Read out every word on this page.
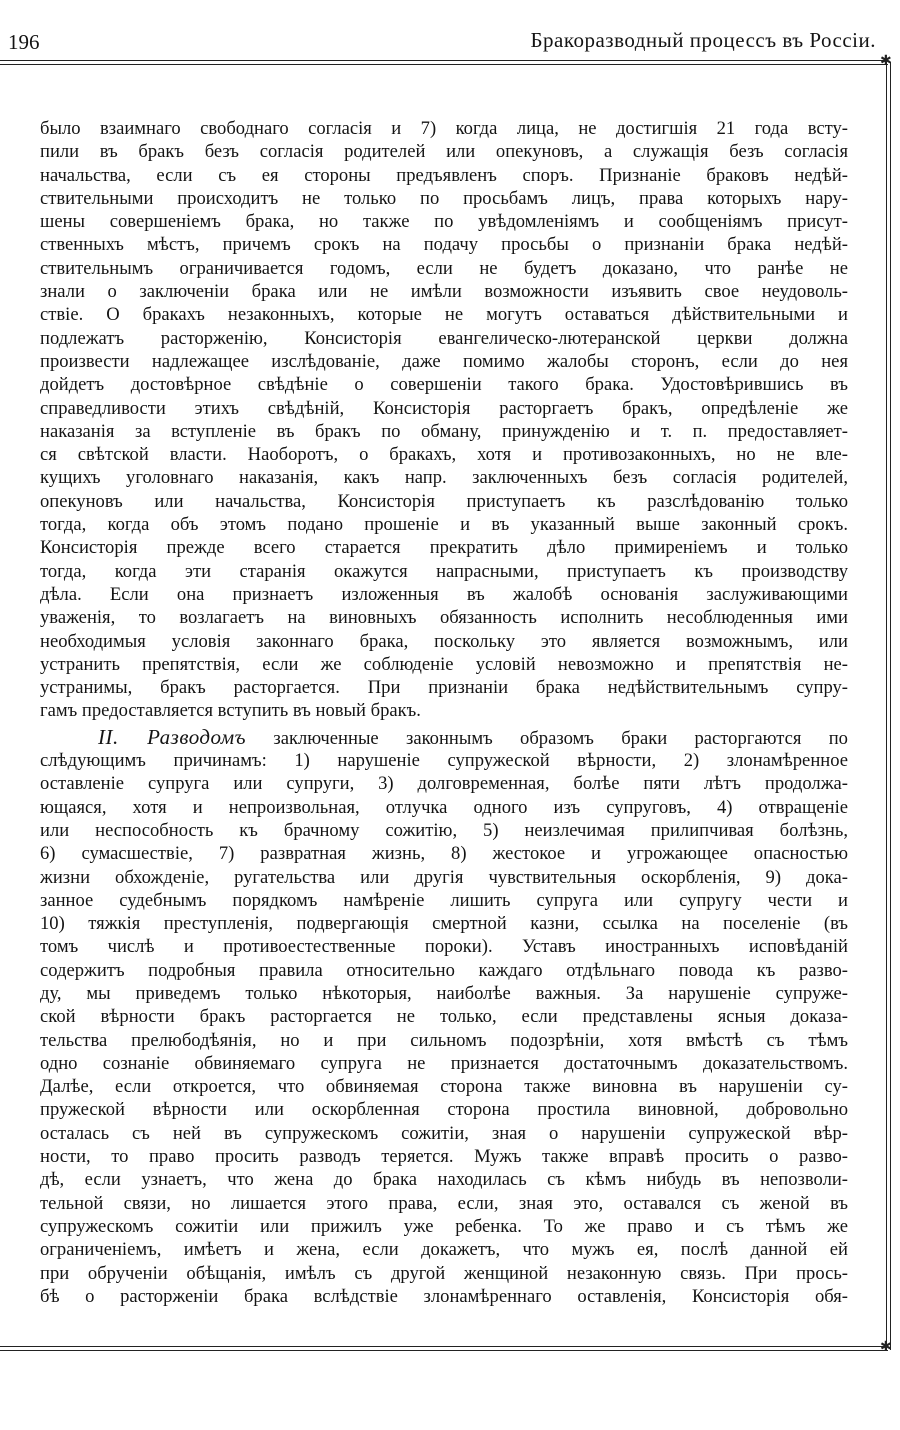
196	Бракоразводный процессъ въ Россіи.
✱
было взаимнаго свободнаго согласія и 7) когда лица, не достигшія 21 года всту-
пили въ бракъ безъ согласія родителей или опекуновъ, а служащія безъ согласія
начальства, если съ ея стороны предъявленъ споръ. Признаніе браковъ недѣй-
ствительными происходитъ не только по просьбамъ лицъ, права которыхъ нару-
шены совершеніемъ брака, но также по увѣдомленіямъ и сообщеніямъ присут-
ственныхъ мѣстъ, причемъ срокъ на подачу просьбы о признаніи брака недѣй-
ствительнымъ ограничивается годомъ, если не будетъ доказано, что ранѣе не
знали о заключеніи брака или не имѣли возможности изъявить свое неудоволь-
ствіе. О бракахъ незаконныхъ, которые не могутъ оставаться дѣйствительными и
подлежатъ расторженію, Консисторія евангелическо-лютеранской церкви должна
произвести надлежащее изслѣдованіе, даже помимо жалобы сторонъ, если до нея
дойдетъ достовѣрное свѣдѣніе о совершеніи такого брака. Удостовѣрившись въ
справедливости этихъ свѣдѣній, Консисторія расторгаетъ бракъ, опредѣленіе же
наказанія за вступленіе въ бракъ по обману, принужденію и т. п. предоставляет-
ся свѣтской власти. Наоборотъ, о бракахъ, хотя и противозаконныхъ, но не вле-
кущихъ уголовнаго наказанія, какъ напр. заключенныхъ безъ согласія родителей,
опекуновъ или начальства, Консисторія приступаетъ къ разслѣдованію только
тогда, когда объ этомъ подано прошеніе и въ указанный выше законный срокъ.
Консисторія прежде всего старается прекратить дѣло примиреніемъ и только
тогда, когда эти старанія окажутся напрасными, приступаетъ къ производству
дѣла. Если она признаетъ изложенныя въ жалобѣ основанія заслуживающими
уваженія, то возлагаетъ на виновныхъ обязанность исполнить несоблюденныя ими
необходимыя условія законнаго брака, поскольку это является возможнымъ, или
устранить препятствія, если же соблюденіе условій невозможно и препятствія не-
устранимы, бракъ расторгается. При признаніи брака недѣйствительнымъ супру-
гамъ предоставляется вступить въ новый бракъ.
II. Разводомъ заключенные законнымъ образомъ браки расторгаются по
слѣдующимъ причинамъ: 1) нарушеніе супружеской вѣрности, 2) злонамѣренное
оставленіе супруга или супруги, 3) долговременная, болѣе пяти лѣтъ продолжа-
ющаяся, хотя и непроизвольная, отлучка одного изъ супруговъ, 4) отвращеніе
или неспособность къ брачному сожитію, 5) неизлечимая прилипчивая болѣзнь,
6) сумасшествіе, 7) развратная жизнь, 8) жестокое и угрожающее опасностью
жизни обхожденіе, ругательства или другія чувствительныя оскорбленія, 9) дока-
занное судебнымъ порядкомъ намѣреніе лишить супруга или супругу чести и
10) тяжкія преступленія, подвергающія смертной казни, ссылка на поселеніе (въ
томъ числѣ и противоестественные пороки). Уставъ иностранныхъ исповѣданій
содержитъ подробныя правила относительно каждаго отдѣльнаго повода къ разво-
ду, мы приведемъ только нѣкоторыя, наиболѣе важныя. За нарушеніе супруже-
ской вѣрности бракъ расторгается не только, если представлены ясныя доказа-
тельства прелюбодѣянія, но и при сильномъ подозрѣніи, хотя вмѣстѣ съ тѣмъ
одно сознаніе обвиняемаго супруга не признается достаточнымъ доказательствомъ.
Далѣе, если откроется, что обвиняемая сторона также виновна въ нарушеніи су-
пружеской вѣрности или оскорбленная сторона простила виновной, добровольно
осталась съ ней въ супружескомъ сожитіи, зная о нарушеніи супружеской вѣр-
ности, то право просить разводъ теряется. Мужъ также вправѣ просить о разво-
дѣ, если узнаетъ, что жена до брака находилась съ кѣмъ нибудь въ непозволи-
тельной связи, но лишается этого права, если, зная это, оставался съ женой въ
супружескомъ сожитіи или прижилъ уже ребенка. То же право и съ тѣмъ же
ограниченіемъ, имѣетъ и жена, если докажетъ, что мужъ ея, послѣ данной ей
при обрученіи обѣщанія, имѣлъ съ другой женщиной незаконную связь. При прось-
бѣ о расторженіи брака вслѣдствіе злонамѣреннаго оставленія, Консисторія обя-
✱
